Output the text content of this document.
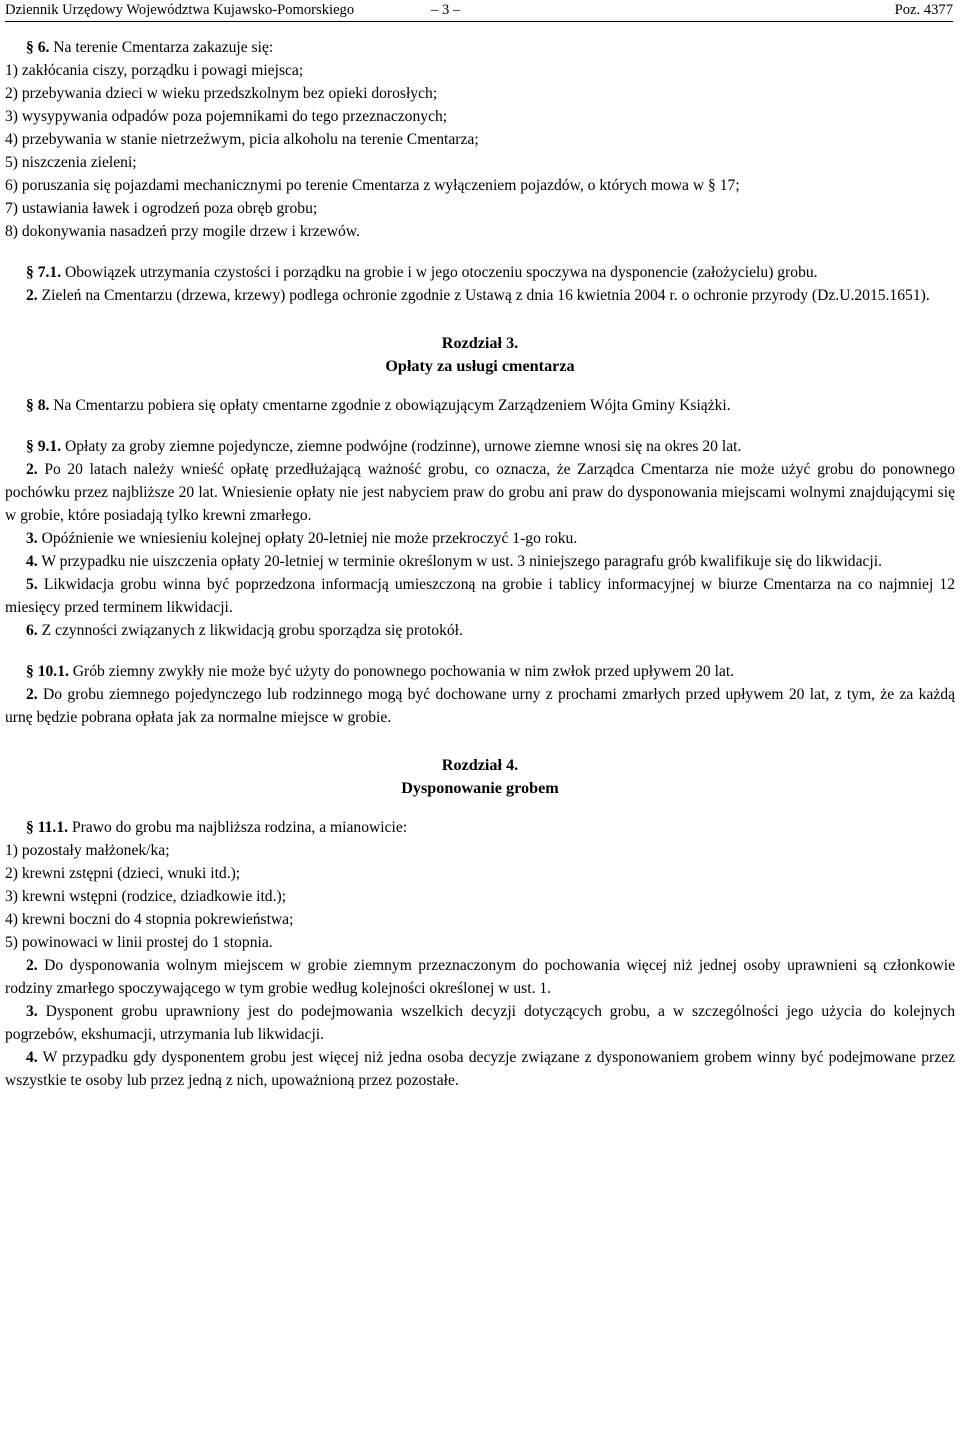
Dziennik Urzędowy Województwa Kujawsko-Pomorskiego	– 3 –	Poz. 4377

§ 6. Na terenie Cmentarza zakazuje się:

1) zakłócania ciszy, porządku i powagi miejsca;

2) przebywania dzieci w wieku przedszkolnym bez opieki dorosłych;

3) wysypywania odpadów poza pojemnikami do tego przeznaczonych;

4) przebywania w stanie nietrzeźwym, picia alkoholu na terenie Cmentarza;

5) niszczenia zieleni;

6) poruszania się pojazdami mechanicznymi po terenie Cmentarza z wyłączeniem pojazdów, o których mowa w § 17;

7) ustawiania ławek i ogrodzeń poza obręb grobu;

8) dokonywania nasadzeń przy mogile drzew i krzewów.

§ 7.1. Obowiązek utrzymania czystości i porządku na grobie i w jego otoczeniu spoczywa na dysponencie (założycielu) grobu.

2. Zieleń na Cmentarzu (drzewa, krzewy) podlega ochronie zgodnie z Ustawą z dnia 16 kwietnia 2004 r. o ochronie przyrody (Dz.U.2015.1651).

Rozdział 3.

Opłaty za usługi cmentarza

§ 8. Na Cmentarzu pobiera się opłaty cmentarne zgodnie z obowiązującym Zarządzeniem Wójta Gminy Książki.

§ 9.1. Opłaty za groby ziemne pojedyncze, ziemne podwójne (rodzinne), urnowe ziemne wnosi się na okres 20 lat.

2. Po 20 latach należy wnieść opłatę przedłużającą ważność grobu, co oznacza, że Zarządca Cmentarza nie może użyć grobu do ponownego pochówku przez najbliższe 20 lat. Wniesienie opłaty nie jest nabyciem praw do grobu ani praw do dysponowania miejscami wolnymi znajdującymi się w grobie, które posiadają tylko krewni zmarłego.

3. Opóźnienie we wniesieniu kolejnej opłaty 20-letniej nie może przekroczyć 1-go roku.

4. W przypadku nie uiszczenia opłaty 20-letniej w terminie określonym w ust. 3 niniejszego paragrafu grób kwalifikuje się do likwidacji.

5. Likwidacja grobu winna być poprzedzona informacją umieszczoną na grobie i tablicy informacyjnej w biurze Cmentarza na co najmniej 12 miesięcy przed terminem likwidacji.

6. Z czynności związanych z likwidacją grobu sporządza się protokół.

§ 10.1. Grób ziemny zwykły nie może być użyty do ponownego pochowania w nim zwłok przed upływem 20 lat.

2. Do grobu ziemnego pojedynczego lub rodzinnego mogą być dochowane urny z prochami zmarłych przed upływem 20 lat, z tym, że za każdą urnę będzie pobrana opłata jak za normalne miejsce w grobie.

Rozdział 4.

Dysponowanie grobem

§ 11.1. Prawo do grobu ma najbliższa rodzina, a mianowicie:

1) pozostały małżonek/ka;

2) krewni zstępni (dzieci, wnuki itd.);

3) krewni wstępni (rodzice, dziadkowie itd.);

4) krewni boczni do 4 stopnia pokrewieństwa;

5) powinowaci w linii prostej do 1 stopnia.

2. Do dysponowania wolnym miejscem w grobie ziemnym przeznaczonym do pochowania więcej niż jednej osoby uprawnieni są członkowie rodziny zmarłego spoczywającego w tym grobie według kolejności określonej w ust. 1.

3. Dysponent grobu uprawniony jest do podejmowania wszelkich decyzji dotyczących grobu, a w szczególności jego użycia do kolejnych pogrzebów, ekshumacji, utrzymania lub likwidacji.

4. W przypadku gdy dysponentem grobu jest więcej niż jedna osoba decyzje związane z dysponowaniem grobem winny być podejmowane przez wszystkie te osoby lub przez jedną z nich, upoważnioną przez pozostałe.
